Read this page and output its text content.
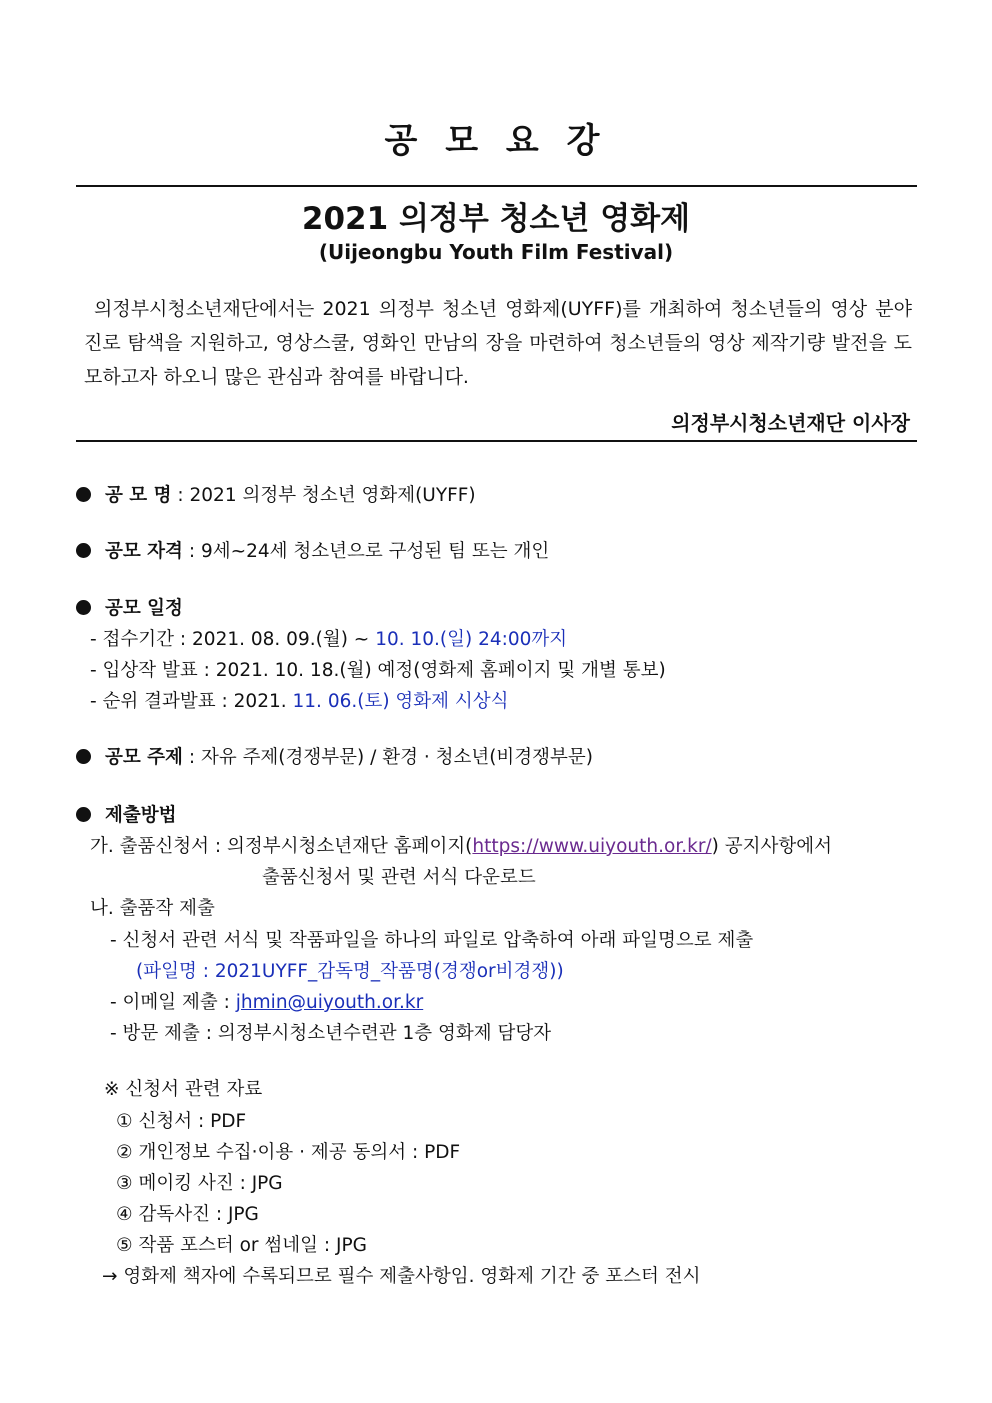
공 모 요 강
2021 의정부 청소년 영화제
(Uijeongbu Youth Film Festival)

의정부시청소년재단에서는 2021 의정부 청소년 영화제(UYFF)를 개최하여 청소년들의 영상 분야 진로 탐색을 지원하고, 영상스쿨, 영화인 만남의 장을 마련하여 청소년들의 영상 제작기량 발전을 도모하고자 하오니 많은 관심과 참여를 바랍니다.

의정부시청소년재단 이사장
공 모 명 : 2021 의정부 청소년 영화제(UYFF)
공모 자격 : 9세~24세 청소년으로 구성된 팀 또는 개인
공모 일정
- 접수기간 : 2021. 08. 09.(월) ~ 10. 10.(일) 24:00까지
- 입상작 발표 : 2021. 10. 18.(월) 예정(영화제 홈페이지 및 개별 통보)
- 순위 결과발표 : 2021. 11. 06.(토) 영화제 시상식
공모 주제 : 자유 주제(경쟁부문) / 환경 · 청소년(비경쟁부문)
제출방법
가. 출품신청서 : 의정부시청소년재단 홈페이지(https://www.uiyouth.or.kr/) 공지사항에서
출품신청서 및 관련 서식 다운로드
나. 출품작 제출
- 신청서 관련 서식 및 작품파일을 하나의 파일로 압축하여 아래 파일명으로 제출
(파일명 : 2021UYFF_감독명_작품명(경쟁or비경쟁))
- 이메일 제출 : jhmin@uiyouth.or.kr
- 방문 제출 : 의정부시청소년수련관 1층 영화제 담당자
※ 신청서 관련 자료
① 신청서 : PDF
② 개인정보 수집·이용 · 제공 동의서 : PDF
③ 메이킹 사진 : JPG
④ 감독사진 : JPG
⑤ 작품 포스터 or 썸네일 : JPG
→ 영화제 책자에 수록되므로 필수 제출사항임. 영화제 기간 중 포스터 전시
